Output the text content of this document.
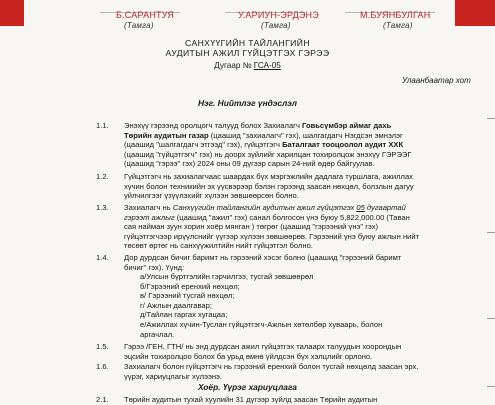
Б.САРАНТУЯ
(Тамга)
У.АРИУН-ЭРДЭНЭ
(Тамга)
М.БУЯНБУЛГАН
(Тамга)
САНХҮҮГИЙН ТАЙЛАНГИЙН
АУДИТЫН АЖИЛ ГҮЙЦЭТГЭХ ГЭРЭЭ
Дугаар № ГСА-05
Улаанбаатар хот
Нэг. Нийтлэг үндэслэл
1.1. Энэхүү гэрээнд оролцогч талууд болох Захиалагч Говьсүмбэр аймаг дахь
Төрийн аудитын газар (цаашид "захиалагч" гэх), шалгагдагч Нэгдсэн эмнэлэг
(цаашид "шалгагдагч этгээд" гэх), гүйцэтгэгч Баталгаат тооцоолол аудит ХХК
(цаашид "гүйцэтгэгч" гэх) нь доорх зүйлийг харилцан тохиролцож энэхүү ГЭРЭЭГ
(цаашид "гэрээ" гэх) 2024 оны 09 дүгээр сарын 24-ний өдөр байгуулав.
1.2. Гүйцэтгэгч нь захиалагчаас шаардах бүх мэргэжлийн дадлага туршлага, ажиллах
хүчин болон техникийн эх үүсвэрээр бэлэн гэрээнд заасан нөхцөл, болзлын дагуу
үйлчилгээг үзүүлэхийг хүлээн зөвшөөрсөн болно.
1.3. Захиалагч нь Санхүүгийн тайлангийн аудитын ажил гүйцэтгэх 05 дугаартай
гэрээт ажлыг (цаашид "ажил" гэх) санал болгосон үнэ буюу 5,822,000.00 (Таван
сая найман зуун хорин хоёр мянган ) төгрөг (цаашид "гэрээний үнэ" гэх)
гүйцэтгэгчээр ирүүлснийг үүгээр хүлээн зөвшөөрөв. Гэрээний үнэ буюу ажлын нийт
төсөвт өртөг нь санхүүжилтийн нийт гүйцэтгэл болно.
1.4. Дор дурдсан бичиг баримт нь гэрээний хэсэг болно (цаашид "гэрээний баримт
бичиг" гэх). Үүнд:
а/Улсын бүртгэлийн гэрчилгээ, тусгай зөвшөөрөл
б/Гэрээний еренхий нөхцөл;
в/ Гэрээний тусгай нөхцөл;
г/ Ажлын даалгавар;
д/Тайлан гаргах хугацаа;
е/Ажиллах хүчин-Туслан гүйцэтгэгч-Ажлын хөтөлбөр хуваарь, болон
аргачлал.
1.5. Гэрээ /ГЕН, ГТН/ нь энд дурдсан ажил гүйцэтгэх талаарх талуудын хоорондын
эцсийн тохиролцоо болох ба урьд өмнө үйлдсэн бүх хэлцлийг орлоно.
1.6. Захиалагч болон гүйцэтгэгч нь гэрээний еренхий болон тусгай нөхцөлд заасан эрх,
үүрэг, хариуцлагыг хүлээнэ.
Хоёр. Үүрэг хариуцлага
2.1. Төрийн аудитын тухай хуулийн 31 дүгээр зүйлд заасан Төрийн аудитын
